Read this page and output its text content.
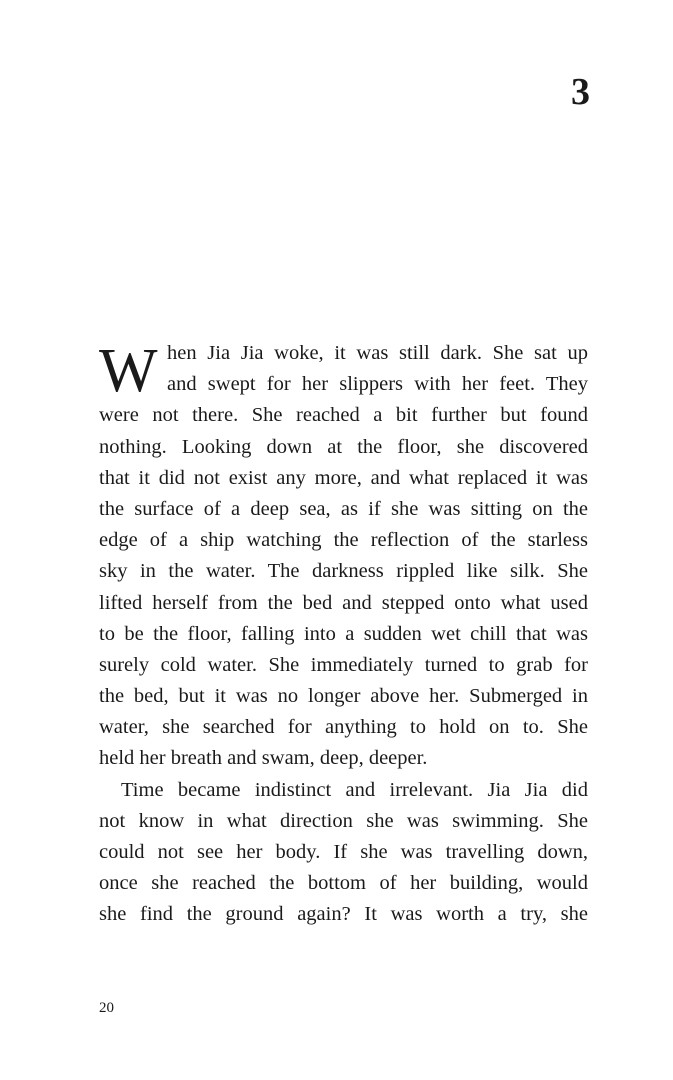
3
W hen Jia Jia woke, it was still dark. She sat up
and swept for her slippers with her feet. They
were not there. She reached a bit further but found
nothing. Looking down at the floor, she discovered
that it did not exist any more, and what replaced it was
the surface of a deep sea, as if she was sitting on the
edge of a ship watching the reflection of the starless
sky in the water. The darkness rippled like silk. She
lifted herself from the bed and stepped onto what used
to be the floor, falling into a sudden wet chill that was
surely cold water. She immediately turned to grab for
the bed, but it was no longer above her. Submerged in
water, she searched for anything to hold on to. She
held her breath and swam, deep, deeper.
Time became indistinct and irrelevant. Jia Jia did
not know in what direction she was swimming. She
could not see her body. If she was travelling down,
once she reached the bottom of her building, would
she find the ground again? It was worth a try, she
20
